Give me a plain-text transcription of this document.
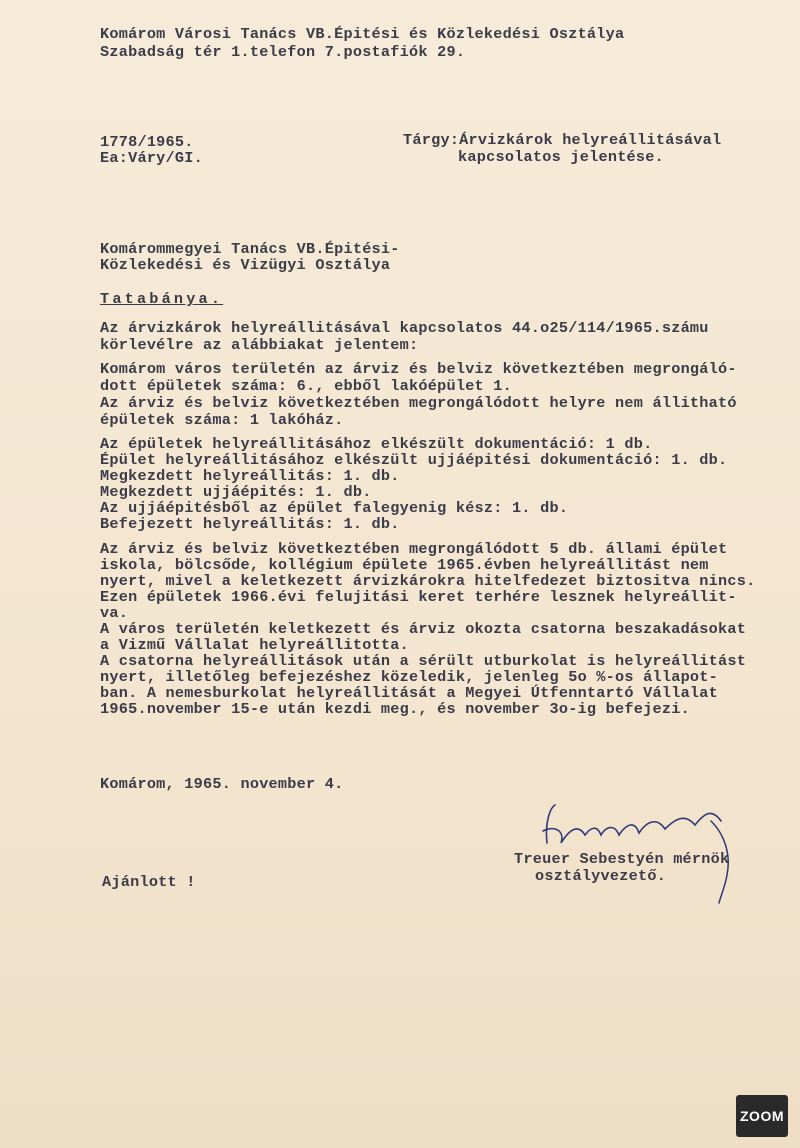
Komárom Városi Tanács VB.Épitési és Közlekedési Osztálya
Szabadság tér 1.telefon 7.postafiók 29.
1778/1965.
Ea:Váry/GI.
Tárgy:Árvizkárok helyreállitásával
kapcsolatos jelentése.
Komárommegyei Tanács VB.Épitési-
Közlekedési és Vizügyi Osztálya
Tatabánya.
Az árvizkárok helyreállitásával kapcsolatos 44.o25/114/1965.számu
körlevélre az alábbiakat jelentem:
Komárom város területén az árviz és belviz következtében megrongáló-
dott épületek száma: 6., ebből lakóépület 1.
Az árviz és belviz következtében megrongálódott helyre nem állitható
épületek száma: 1 lakóház.
Az épületek helyreállitásához elkészült dokumentáció: 1 db.
Épület helyreállitásához elkészült ujjáépitési dokumentáció: 1. db.
Megkezdett helyreállitás: 1. db.
Megkezdett ujjáépités: 1. db.
Az ujjáépitésből az épület falegyenig kész: 1. db.
Befejezett helyreállitás: 1. db.
Az árviz és belviz következtében megrongálódott 5 db. állami épület
iskola, bölcsőde, kollégium épülete 1965.évben helyreállitást nem
nyert, mivel a keletkezett árvizkárokra hitelfedezet biztositva nincs.
Ezen épületek 1966.évi felujitási keret terhére lesznek helyreállit-
va.
A város területén keletkezett és árviz okozta csatorna beszakadásokat
a Vizmű Vállalat helyreállitotta.
A csatorna helyreállitások után a sérült utburkolat is helyreállitást
nyert, illetőleg befejezéshez közeledik, jelenleg 5o %-os állapot-
ban. A nemesburkolat helyreállitását a Megyei Útfenntartó Vállalat
1965.november 15-e után kezdi meg., és november 3o-ig befejezi.
Komárom, 1965. november 4.
Treuer Sebestyén mérnök
osztályvezető.
Ajánlott !
ZOOM
